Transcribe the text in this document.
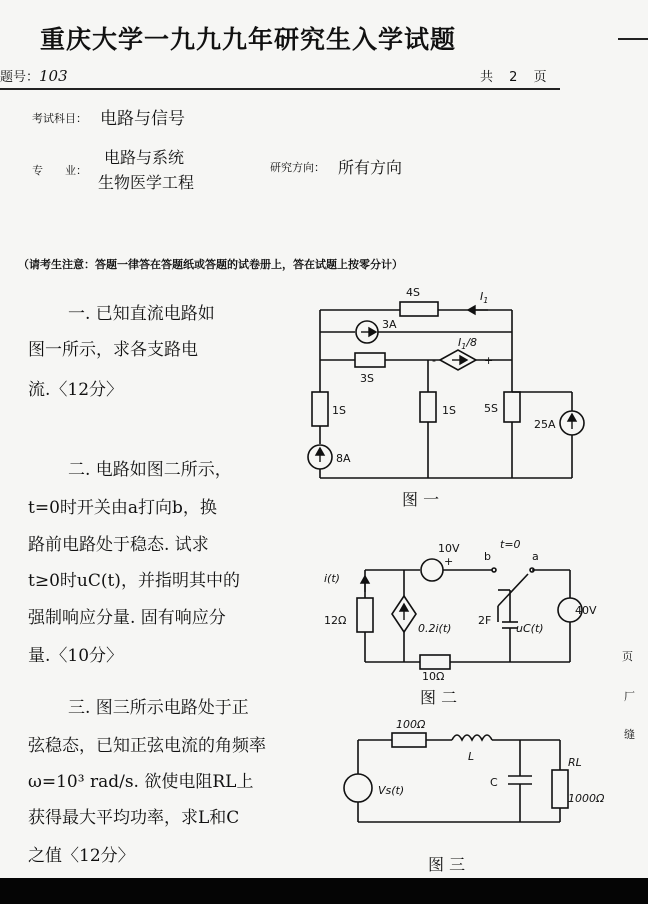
重庆大学一九九九年研究生入学试题
题号：103	共 2 页
考试科目： 电路与信号
专　　业：
电路与系统
生物医学工程
研究方向： 所有方向
（请考生注意：答题一律答在答题纸或答题的试卷册上，答在试题上按零分计）
一. 已知直流电路如
图一所示，求各支路电
流.〈12分〉
二. 电路如图二所示，
t=0时开关由a打向b，换
路前电路处于稳态. 试求
t≥0时uC(t)，并指明其中的
强制响应分量. 固有响应分
量.〈10分〉
三. 图三所示电路处于正
弦稳态，已知正弦电流的角频率
ω=10³ rad/s. 欲使电阻RL上
获得最大平均功率，求L和C
之值〈12分〉
4S	$I_1$
3A
$I_1/8$
-	+
3S
1S	1S	5S
8A
25A
图 一
10V
-
+	b
t=0
a
i(t)
12Ω
0.2i(t)
2F
uC(t)
40V
10Ω
图 二
100Ω
L
C
Vs(t)
RL
1000Ω
图 三
页
厂
缝
